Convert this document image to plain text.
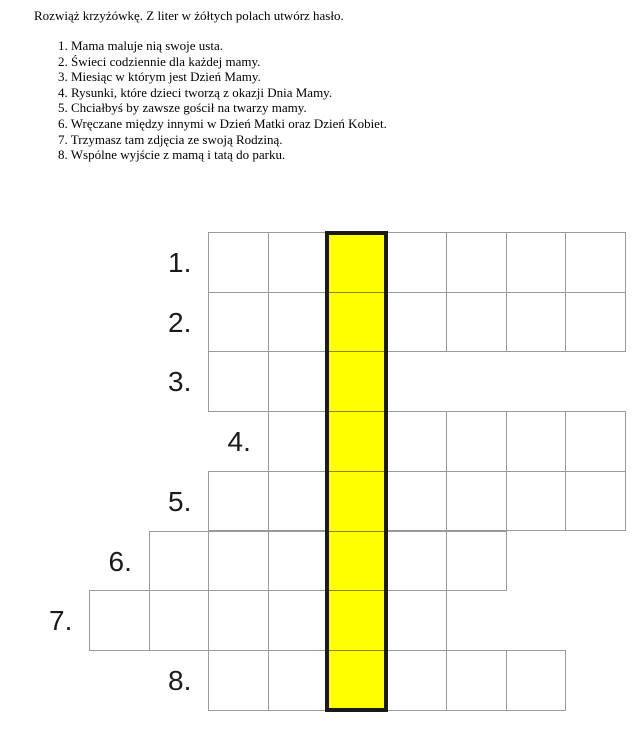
Rozwiąż krzyżówkę. Z liter w żółtych polach utwórz hasło.
1. Mama maluje nią swoje usta.
2. Świeci codziennie dla każdej mamy.
3. Miesiąc w którym jest Dzień Mamy.
4. Rysunki, które dzieci tworzą z okazji Dnia Mamy.
5. Chciałbyś by zawsze gościł na twarzy mamy.
6. Wręczane między innymi w Dzień Matki oraz Dzień Kobiet.
7. Trzymasz tam zdjęcia ze swoją Rodziną.
8. Wspólne wyjście z mamą i tatą do parku.
1.
2.
3.
4.
5.
6.
7.
8.
